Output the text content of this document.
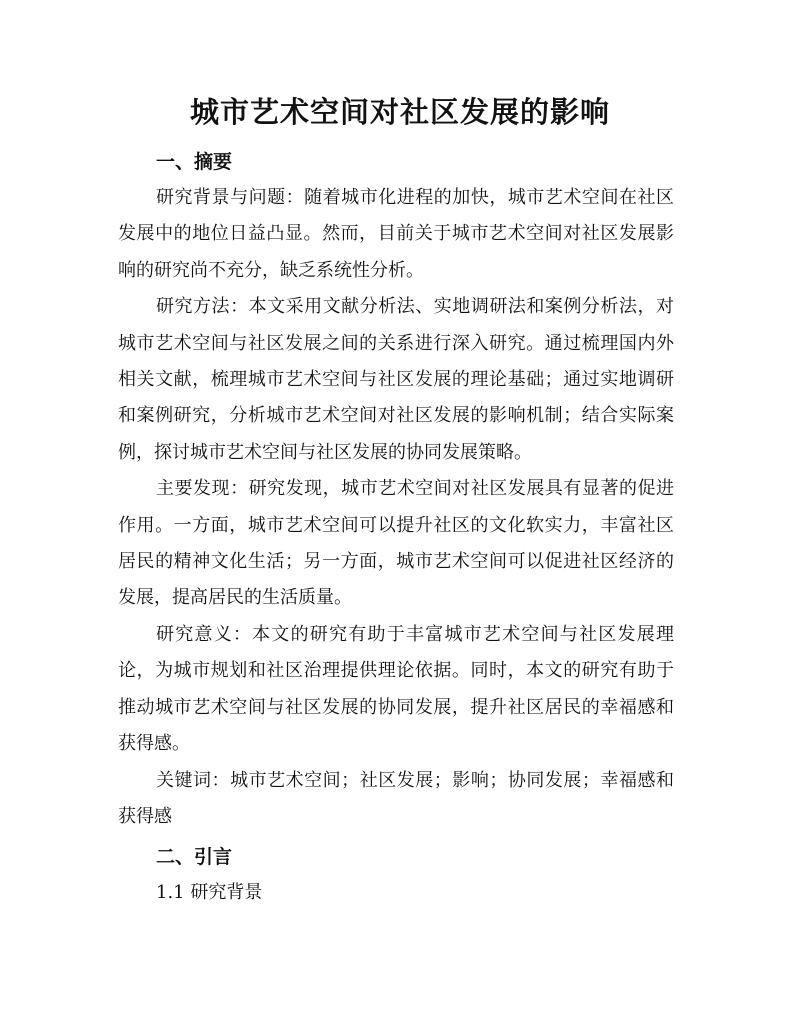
城市艺术空间对社区发展的影响

一、摘要

研究背景与问题：随着城市化进程的加快，城市艺术空间在社区发展中的地位日益凸显。然而，目前关于城市艺术空间对社区发展影响的研究尚不充分，缺乏系统性分析。

研究方法：本文采用文献分析法、实地调研法和案例分析法，对城市艺术空间与社区发展之间的关系进行深入研究。通过梳理国内外相关文献，梳理城市艺术空间与社区发展的理论基础；通过实地调研和案例研究，分析城市艺术空间对社区发展的影响机制；结合实际案例，探讨城市艺术空间与社区发展的协同发展策略。

主要发现：研究发现，城市艺术空间对社区发展具有显著的促进作用。一方面，城市艺术空间可以提升社区的文化软实力，丰富社区居民的精神文化生活；另一方面，城市艺术空间可以促进社区经济的发展，提高居民的生活质量。

研究意义：本文的研究有助于丰富城市艺术空间与社区发展理论，为城市规划和社区治理提供理论依据。同时，本文的研究有助于推动城市艺术空间与社区发展的协同发展，提升社区居民的幸福感和获得感。

关键词：城市艺术空间；社区发展；影响；协同发展；幸福感和获得感

二、引言

1.1 研究背景
